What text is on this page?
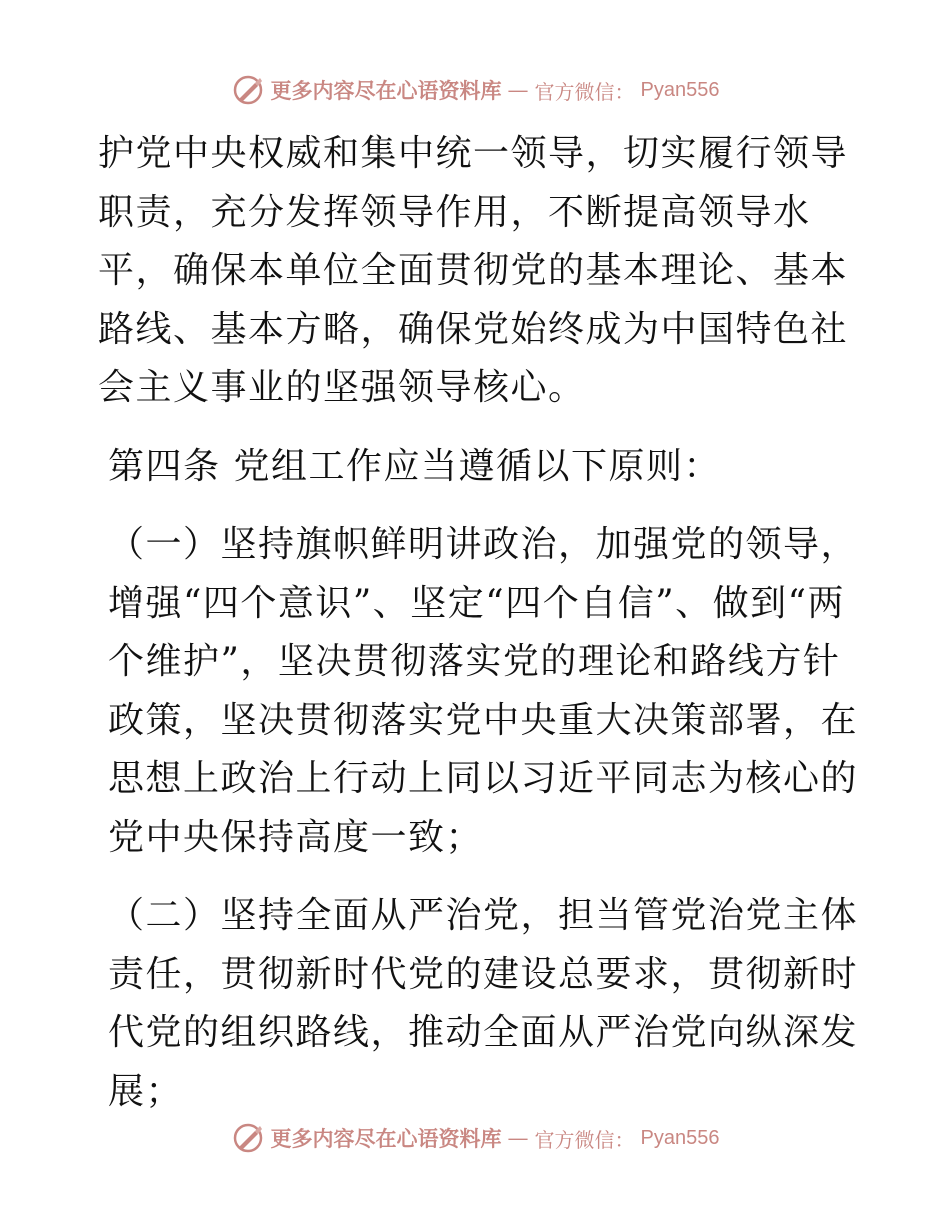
更多内容尽在心语资料库 — 官方微信： Pyan556

护党中央权威和集中统一领导，切实履行领导职责，充分发挥领导作用，不断提高领导水平，确保本单位全面贯彻党的基本理论、基本路线、基本方略，确保党始终成为中国特色社会主义事业的坚强领导核心。

第四条 党组工作应当遵循以下原则：

（一）坚持旗帜鲜明讲政治，加强党的领导，增强“四个意识”、坚定“四个自信”、做到“两个维护”，坚决贯彻落实党的理论和路线方针政策，坚决贯彻落实党中央重大决策部署，在思想上政治上行动上同以习近平同志为核心的党中央保持高度一致；

（二）坚持全面从严治党，担当管党治党主体责任，贯彻新时代党的建设总要求，贯彻新时代党的组织路线，推动全面从严治党向纵深发展；

更多内容尽在心语资料库 — 官方微信： Pyan556
